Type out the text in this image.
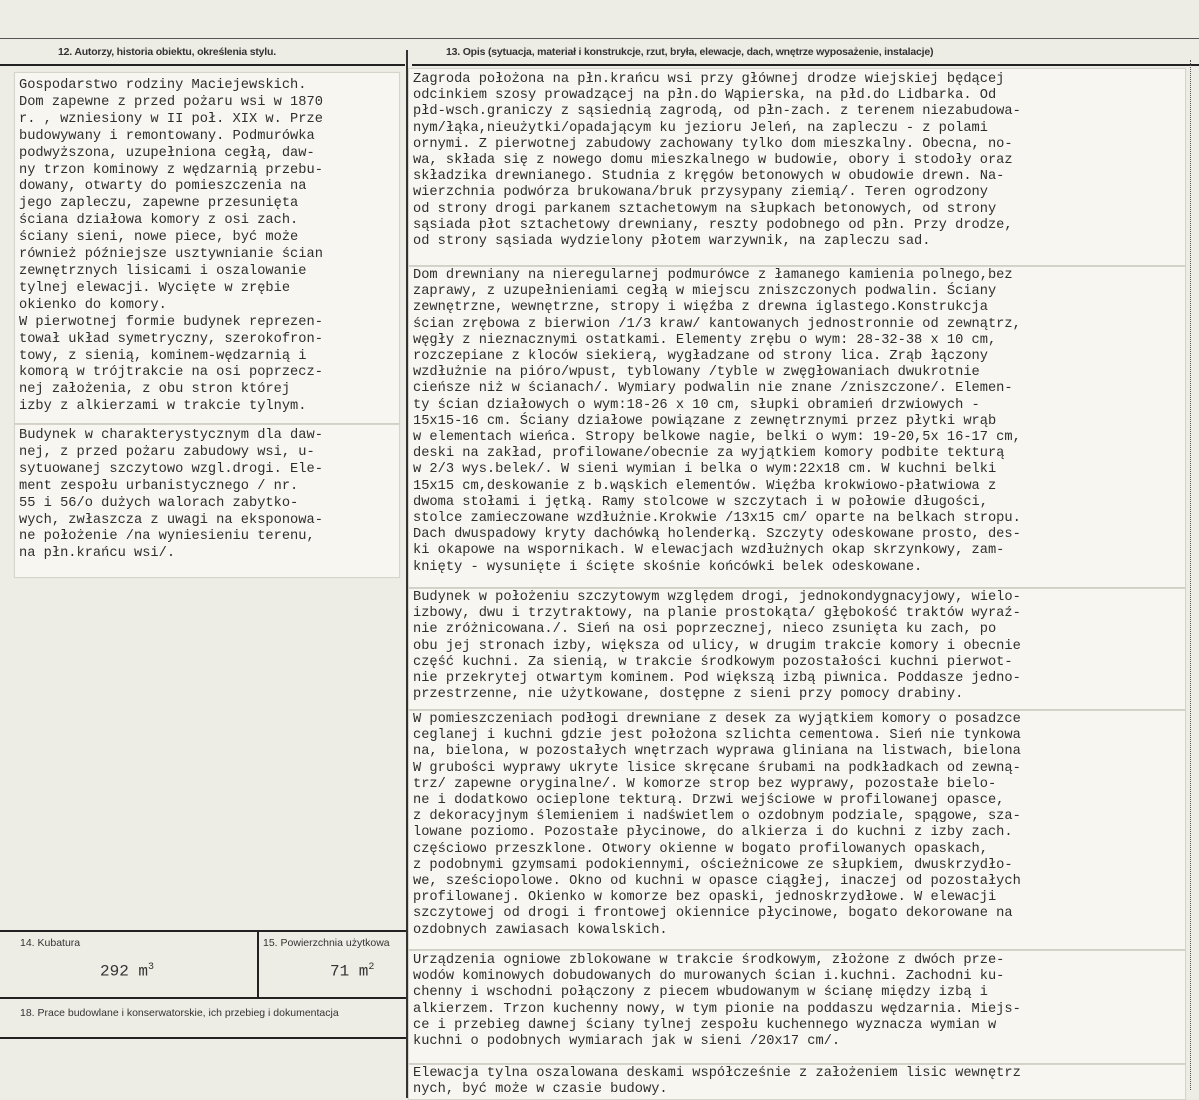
12. Autorzy, historia obiektu, określenia stylu.	13. Opis (sytuacja, materiał i konstrukcje, rzut, bryła, elewacje, dach, wnętrze wyposażenie, instalacje)
Gospodarstwo rodziny Maciejewskich.
Dom zapewne z przed pożaru wsi w 1870
r. , wzniesiony w II poł. XIX w. Prze
budowywany i remontowany. Podmurówka
podwyższona, uzupełniona cegłą, daw-
ny trzon kominowy z wędzarnią przebu-
dowany, otwarty do pomieszczenia na
jego zapleczu, zapewne przesunięta
ściana działowa komory z osi zach.
ściany sieni, nowe piece, być może
również późniejsze usztywnianie ścian
zewnętrznych lisicami i oszalowanie
tylnej elewacji. Wycięte w zrębie
okienko do komory.
W pierwotnej formie budynek reprezen-
tował układ symetryczny, szerokofron-
towy, z sienią, kominem-wędzarnią i
komorą w trójtrakcie na osi poprzecz-
nej założenia, z obu stron której
izby z alkierzami w trakcie tylnym.
Budynek w charakterystycznym dla daw-
nej, z przed pożaru zabudowy wsi, u-
sytuowanej szczytowo wzgl.drogi. Ele-
ment zespołu urbanistycznego / nr.
55 i 56/o dużych walorach zabytko-
wych, zwłaszcza z uwagi na eksponowa-
ne położenie /na wyniesieniu terenu,
na płn.krańcu wsi/.
Zagroda położona na płn.krańcu wsi przy głównej drodze wiejskiej będącej
odcinkiem szosy prowadzącej na płn.do Wąpierska, na płd.do Lidbarka. Od
płd-wsch.graniczy z sąsiednią zagrodą, od płn-zach. z terenem niezabudowa-
nym/łąka,nieużytki/opadającym ku jezioru Jeleń, na zapleczu - z polami
ornymi. Z pierwotnej zabudowy zachowany tylko dom mieszkalny. Obecna, no-
wa, składa się z nowego domu mieszkalnego w budowie, obory i stodoły oraz
składzika drewnianego. Studnia z kręgów betonowych w obudowie drewn. Na-
wierzchnia podwórza brukowana/bruk przysypany ziemią/. Teren ogrodzony
od strony drogi parkanem sztachetowym na słupkach betonowych, od strony
sąsiada płot sztachetowy drewniany, reszty podobnego od płn. Przy drodze,
od strony sąsiada wydzielony płotem warzywnik, na zapleczu sad.
Dom drewniany na nieregularnej podmurówce z łamanego kamienia polnego,bez
zaprawy, z uzupełnieniami cegłą w miejscu zniszczonych podwalin. Ściany
zewnętrzne, wewnętrzne, stropy i więźba z drewna iglastego.Konstrukcja
ścian zrębowa z bierwion /1/3 kraw/ kantowanych jednostronnie od zewnątrz,
węgły z nieznacznymi ostatkami. Elementy zrębu o wym: 28-32-38 x 10 cm,
rozczepiane z kloców siekierą, wygładzane od strony lica. Zrąb łączony
wzdłużnie na pióro/wpust, tyblowany /tyble w zwęgłowaniach dwukrotnie
cieńsze niż w ścianach/. Wymiary podwalin nie znane /zniszczone/. Elemen-
ty ścian działowych o wym:18-26 x 10 cm, słupki obramień drzwiowych -
15x15-16 cm. Ściany działowe powiązane z zewnętrznymi przez płytki wrąb
w elementach wieńca. Stropy belkowe nagie, belki o wym: 19-20,5x 16-17 cm,
deski na zakład, profilowane/obecnie za wyjątkiem komory podbite tekturą
w 2/3 wys.belek/. W sieni wymian i belka o wym:22x18 cm. W kuchni belki
15x15 cm,deskowanie z b.wąskich elementów. Więźba krokwiowo-płatwiowa z
dwoma stołami i jętką. Ramy stolcowe w szczytach i w połowie długości,
stolce zamieczowane wzdłużnie.Krokwie /13x15 cm/ oparte na belkach stropu.
Dach dwuspadowy kryty dachówką holenderką. Szczyty odeskowane prosto, des-
ki okapowe na wspornikach. W elewacjach wzdłużnych okap skrzynkowy, zam-
knięty - wysunięte i ścięte skośnie końcówki belek odeskowane.
Budynek w położeniu szczytowym względem drogi, jednokondygnacyjowy, wielo-
izbowy, dwu i trzytraktowy, na planie prostokąta/ głębokość traktów wyraź-
nie zróżnicowana./. Sień na osi poprzecznej, nieco zsunięta ku zach, po
obu jej stronach izby, większa od ulicy, w drugim trakcie komory i obecnie
część kuchni. Za sienią, w trakcie środkowym pozostałości kuchni pierwot-
nie przekrytej otwartym kominem. Pod większą izbą piwnica. Poddasze jedno-
przestrzenne, nie użytkowane, dostępne z sieni przy pomocy drabiny.
W pomieszczeniach podłogi drewniane z desek za wyjątkiem komory o posadzce
ceglanej i kuchni gdzie jest położona szlichta cementowa. Sień nie tynkowa
na, bielona, w pozostałych wnętrzach wyprawa gliniana na listwach, bielona
W grubości wyprawy ukryte lisice skręcane śrubami na podkładkach od zewną-
trz/ zapewne oryginalne/. W komorze strop bez wyprawy, pozostałe bielo-
ne i dodatkowo ocieplone tekturą. Drzwi wejściowe w profilowanej opasce,
z dekoracyjnym ślemieniem i nadświetlem o ozdobnym podziale, spągowe, sza-
lowane poziomo. Pozostałe płycinowe, do alkierza i do kuchni z izby zach.
częściowo przeszklone. Otwory okienne w bogato profilowanych opaskach,
z podobnymi gzymsami podokiennymi, ościeżnicowe ze słupkiem, dwuskrzydło-
we, sześciopolowe. Okno od kuchni w opasce ciągłej, inaczej od pozostałych
profilowanej. Okienko w komorze bez opaski, jednoskrzydłowe. W elewacji
szczytowej od drogi i frontowej okiennice płycinowe, bogato dekorowane na
ozdobnych zawiasach kowalskich.
Urządzenia ogniowe zblokowane w trakcie środkowym, złożone z dwóch prze-
wodów kominowych dobudowanych do murowanych ścian i.kuchni. Zachodni ku-
chenny i wschodni połączony z piecem wbudowanym w ścianę między izbą i
alkierzem. Trzon kuchenny nowy, w tym pionie na poddaszu wędzarnia. Miejs-
ce i przebieg dawnej ściany tylnej zespołu kuchennego wyznacza wymian w
kuchni o podobnych wymiarach jak w sieni /20x17 cm/.
Elewacja tylna oszalowana deskami współcześnie z założeniem lisic wewnętrz
nych, być może w czasie budowy.
14. Kubatura	15. Powierzchnia użytkowa
292 $m^3$	71 $m^2$
18. Prace budowlane i konserwatorskie, ich przebieg i dokumentacja
